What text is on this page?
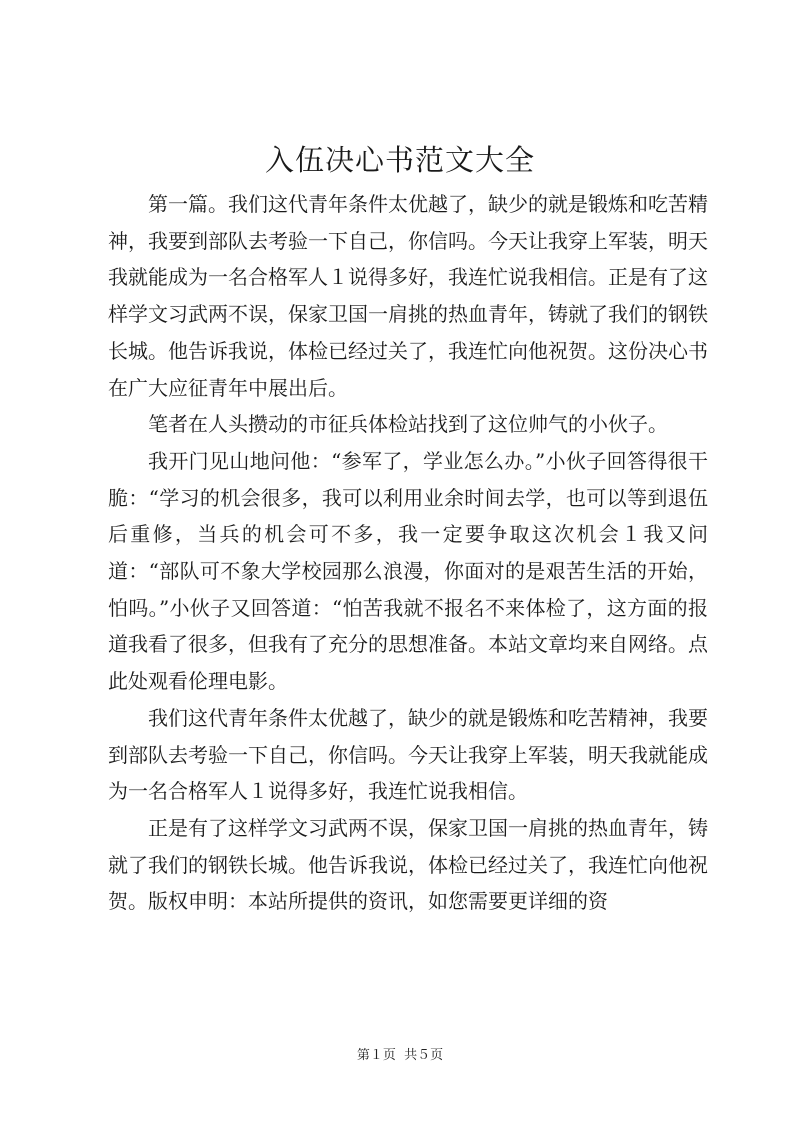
入伍决心书范文大全

第一篇。我们这代青年条件太优越了，缺少的就是锻炼和吃苦精神，我要到部队去考验一下自己，你信吗。今天让我穿上军装，明天我就能成为一名合格军人１说得多好，我连忙说我相信。正是有了这样学文习武两不误，保家卫国一肩挑的热血青年，铸就了我们的钢铁长城。他告诉我说，体检已经过关了，我连忙向他祝贺。这份决心书在广大应征青年中展出后。

笔者在人头攒动的市征兵体检站找到了这位帅气的小伙子。

我开门见山地问他：“参军了，学业怎么办。”小伙子回答得很干脆：“学习的机会很多，我可以利用业余时间去学，也可以等到退伍后重修，当兵的机会可不多，我一定要争取这次机会１我又问道：“部队可不象大学校园那么浪漫，你面对的是艰苦生活的开始，怕吗。”小伙子又回答道：“怕苦我就不报名不来体检了，这方面的报道我看了很多，但我有了充分的思想准备。本站文章均来自网络。点此处观看伦理电影。

我们这代青年条件太优越了，缺少的就是锻炼和吃苦精神，我要到部队去考验一下自己，你信吗。今天让我穿上军装，明天我就能成为一名合格军人１说得多好，我连忙说我相信。

正是有了这样学文习武两不误，保家卫国一肩挑的热血青年，铸就了我们的钢铁长城。他告诉我说，体检已经过关了，我连忙向他祝贺。版权申明：本站所提供的资讯，如您需要更详细的资

第１页 共５页
